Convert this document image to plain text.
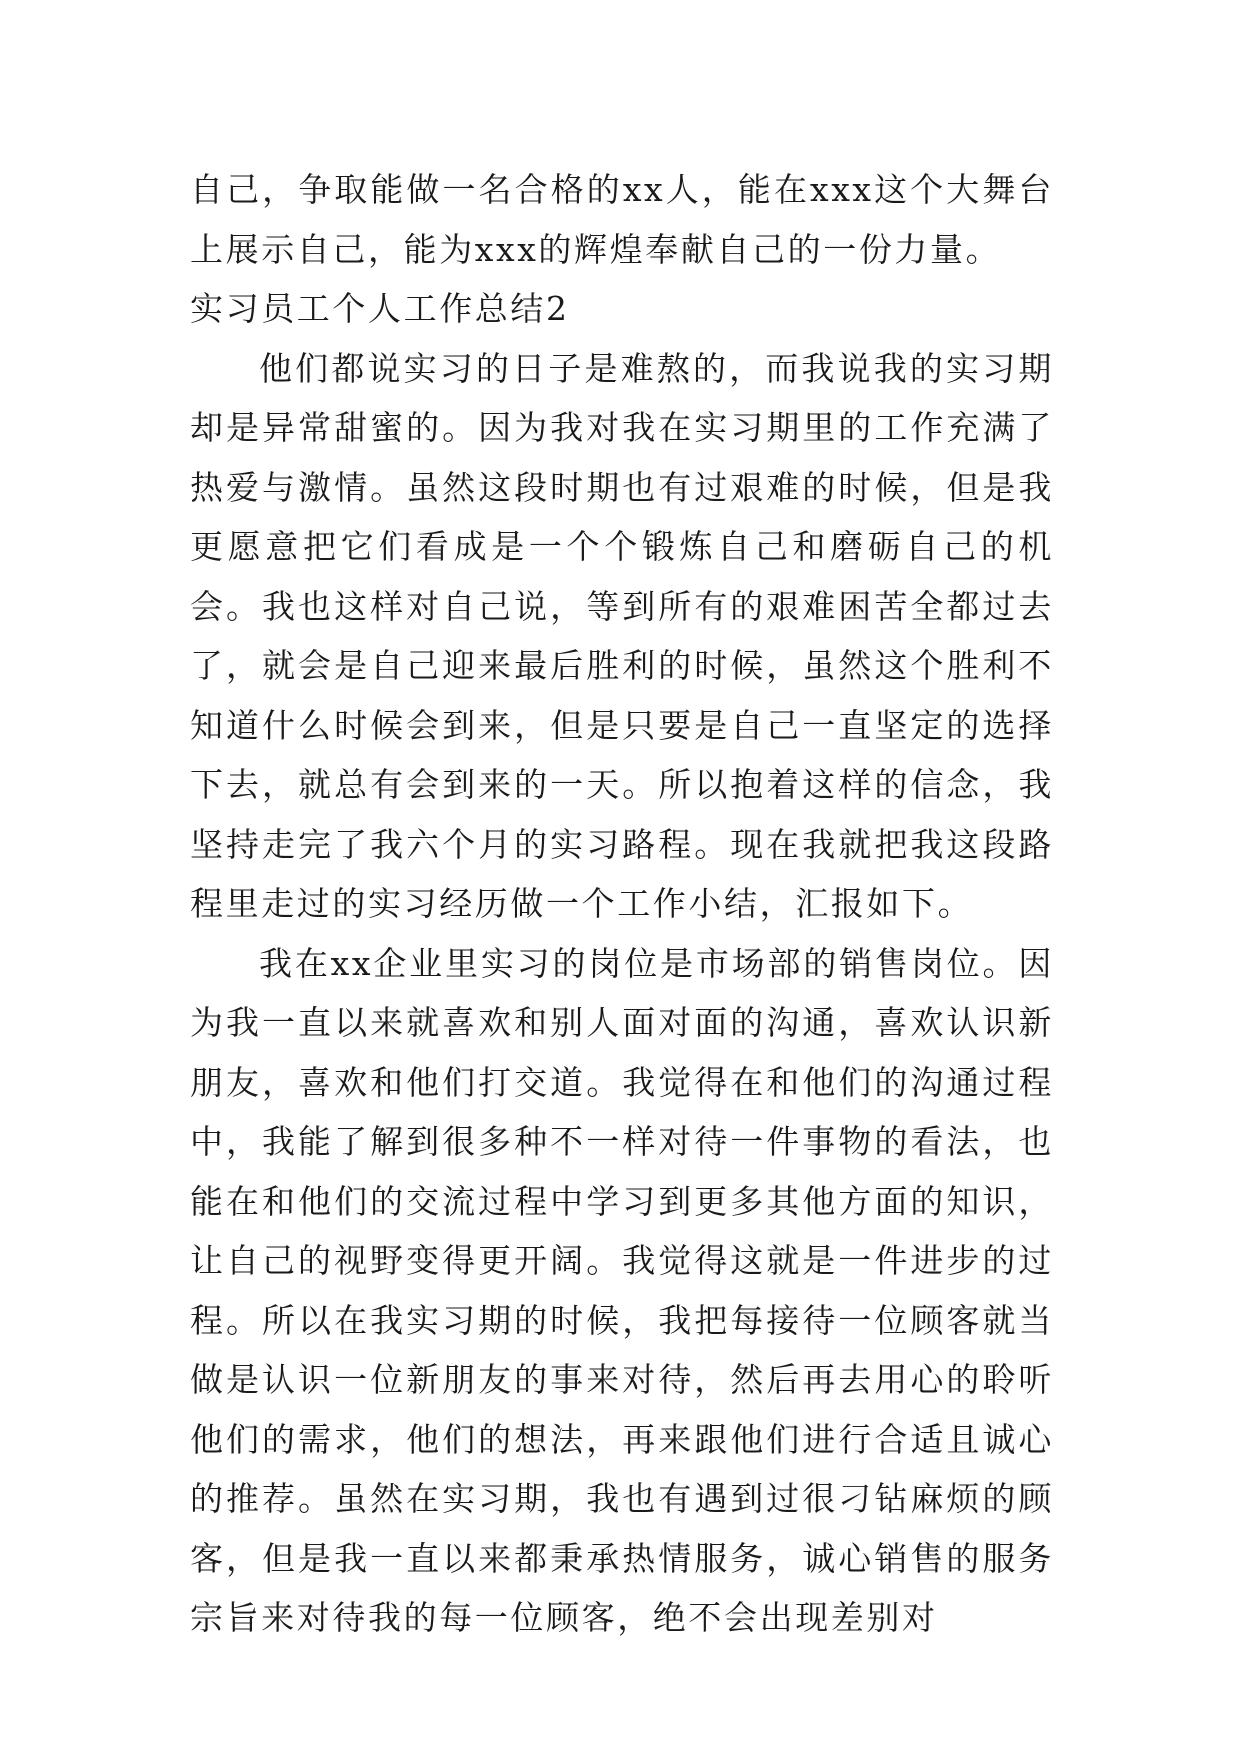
自己，争取能做一名合格的xx人，能在xxx这个大舞台上展示自己，能为xxx的辉煌奉献自己的一份力量。

实习员工个人工作总结2

他们都说实习的日子是难熬的，而我说我的实习期却是异常甜蜜的。因为我对我在实习期里的工作充满了热爱与激情。虽然这段时期也有过艰难的时候，但是我更愿意把它们看成是一个个锻炼自己和磨砺自己的机会。我也这样对自己说，等到所有的艰难困苦全都过去了，就会是自己迎来最后胜利的时候，虽然这个胜利不知道什么时候会到来，但是只要是自己一直坚定的选择下去，就总有会到来的一天。所以抱着这样的信念，我坚持走完了我六个月的实习路程。现在我就把我这段路程里走过的实习经历做一个工作小结，汇报如下。

我在xx企业里实习的岗位是市场部的销售岗位。因为我一直以来就喜欢和别人面对面的沟通，喜欢认识新朋友，喜欢和他们打交道。我觉得在和他们的沟通过程中，我能了解到很多种不一样对待一件事物的看法，也能在和他们的交流过程中学习到更多其他方面的知识，让自己的视野变得更开阔。我觉得这就是一件进步的过程。所以在我实习期的时候，我把每接待一位顾客就当做是认识一位新朋友的事来对待，然后再去用心的聆听他们的需求，他们的想法，再来跟他们进行合适且诚心的推荐。虽然在实习期，我也有遇到过很刁钻麻烦的顾客，但是我一直以来都秉承热情服务，诚心销售的服务宗旨来对待我的每一位顾客，绝不会出现差别对
